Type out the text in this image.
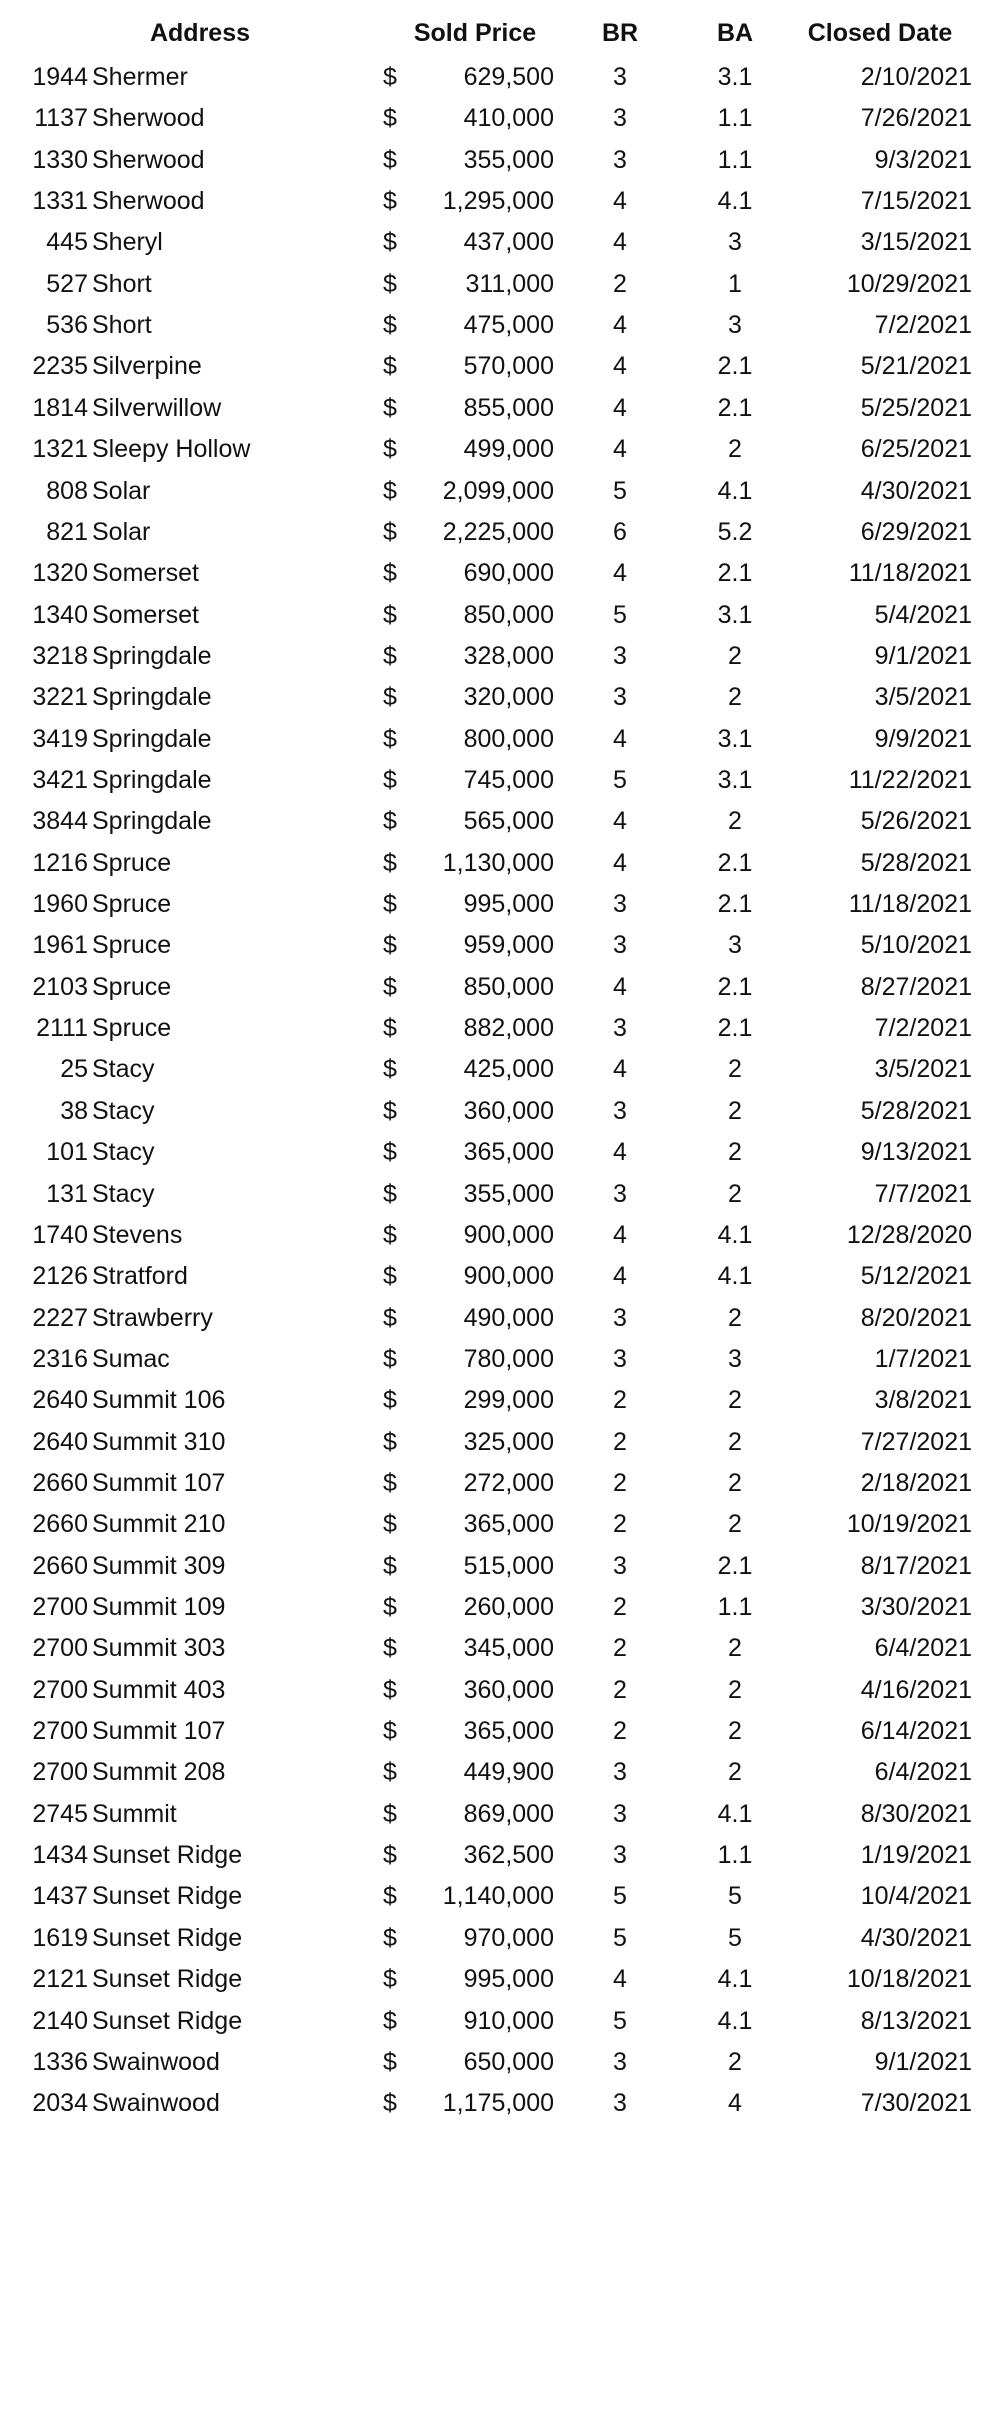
Address	Sold Price	BR	BA	Closed Date
1944 Shermer	$	629,500	3	3.1	2/10/2021
1137 Sherwood	$	410,000	3	1.1	7/26/2021
1330 Sherwood	$	355,000	3	1.1	9/3/2021
1331 Sherwood	$	1,295,000	4	4.1	7/15/2021
445 Sheryl	$	437,000	4	3	3/15/2021
527 Short	$	311,000	2	1	10/29/2021
536 Short	$	475,000	4	3	7/2/2021
2235 Silverpine	$	570,000	4	2.1	5/21/2021
1814 Silverwillow	$	855,000	4	2.1	5/25/2021
1321 Sleepy Hollow	$	499,000	4	2	6/25/2021
808 Solar	$	2,099,000	5	4.1	4/30/2021
821 Solar	$	2,225,000	6	5.2	6/29/2021
1320 Somerset	$	690,000	4	2.1	11/18/2021
1340 Somerset	$	850,000	5	3.1	5/4/2021
3218 Springdale	$	328,000	3	2	9/1/2021
3221 Springdale	$	320,000	3	2	3/5/2021
3419 Springdale	$	800,000	4	3.1	9/9/2021
3421 Springdale	$	745,000	5	3.1	11/22/2021
3844 Springdale	$	565,000	4	2	5/26/2021
1216 Spruce	$	1,130,000	4	2.1	5/28/2021
1960 Spruce	$	995,000	3	2.1	11/18/2021
1961 Spruce	$	959,000	3	3	5/10/2021
2103 Spruce	$	850,000	4	2.1	8/27/2021
2111 Spruce	$	882,000	3	2.1	7/2/2021
25 Stacy	$	425,000	4	2	3/5/2021
38 Stacy	$	360,000	3	2	5/28/2021
101 Stacy	$	365,000	4	2	9/13/2021
131 Stacy	$	355,000	3	2	7/7/2021
1740 Stevens	$	900,000	4	4.1	12/28/2020
2126 Stratford	$	900,000	4	4.1	5/12/2021
2227 Strawberry	$	490,000	3	2	8/20/2021
2316 Sumac	$	780,000	3	3	1/7/2021
2640 Summit 106	$	299,000	2	2	3/8/2021
2640 Summit 310	$	325,000	2	2	7/27/2021
2660 Summit 107	$	272,000	2	2	2/18/2021
2660 Summit 210	$	365,000	2	2	10/19/2021
2660 Summit 309	$	515,000	3	2.1	8/17/2021
2700 Summit 109	$	260,000	2	1.1	3/30/2021
2700 Summit 303	$	345,000	2	2	6/4/2021
2700 Summit 403	$	360,000	2	2	4/16/2021
2700 Summit 107	$	365,000	2	2	6/14/2021
2700 Summit 208	$	449,900	3	2	6/4/2021
2745 Summit	$	869,000	3	4.1	8/30/2021
1434 Sunset Ridge	$	362,500	3	1.1	1/19/2021
1437 Sunset Ridge	$	1,140,000	5	5	10/4/2021
1619 Sunset Ridge	$	970,000	5	5	4/30/2021
2121 Sunset Ridge	$	995,000	4	4.1	10/18/2021
2140 Sunset Ridge	$	910,000	5	4.1	8/13/2021
1336 Swainwood	$	650,000	3	2	9/1/2021
2034 Swainwood	$	1,175,000	3	4	7/30/2021
